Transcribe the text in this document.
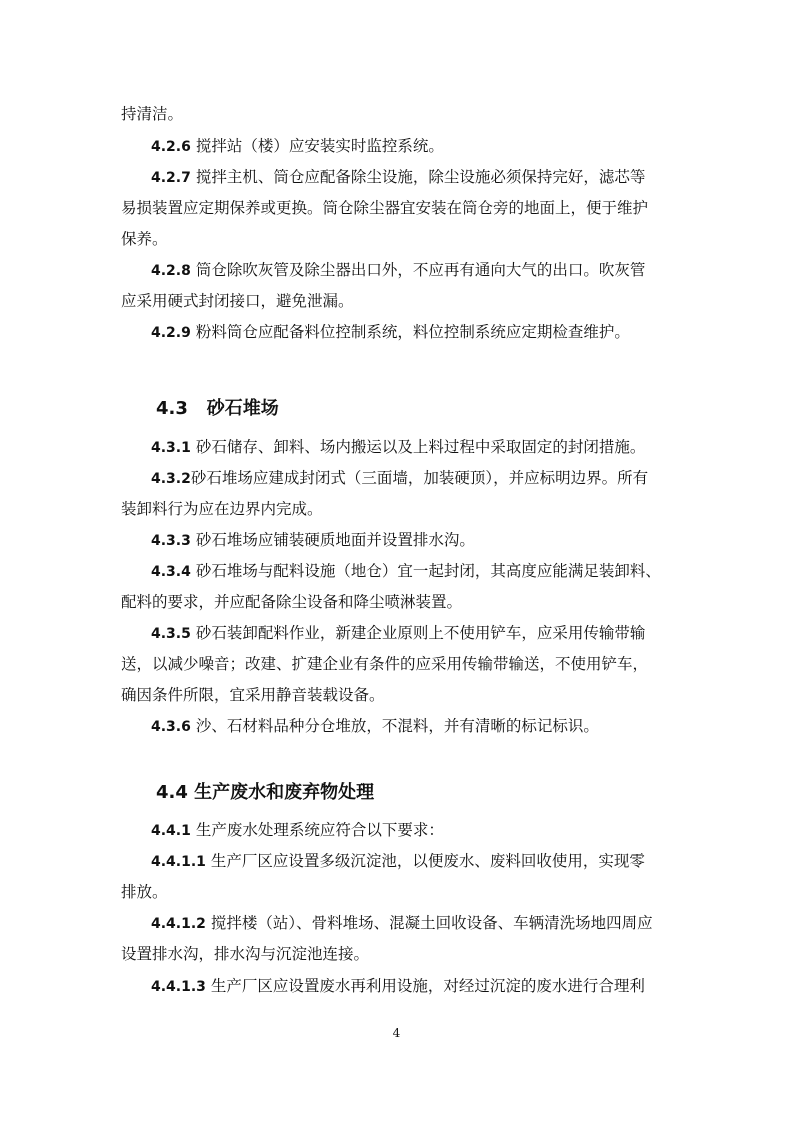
持清洁。
4.2.6 搅拌站（楼）应安装实时监控系统。
4.2.7 搅拌主机、筒仓应配备除尘设施，除尘设施必须保持完好，滤芯等
易损装置应定期保养或更换。筒仓除尘器宜安装在筒仓旁的地面上，便于维护
保养。
4.2.8 筒仓除吹灰管及除尘器出口外，不应再有通向大气的出口。吹灰管
应采用硬式封闭接口，避免泄漏。
4.2.9 粉料筒仓应配备料位控制系统，料位控制系统应定期检查维护。
4.3 砂石堆场
4.3.1 砂石储存、卸料、场内搬运以及上料过程中采取固定的封闭措施。
4.3.2砂石堆场应建成封闭式（三面墙，加装硬顶），并应标明边界。所有
装卸料行为应在边界内完成。
4.3.3 砂石堆场应铺装硬质地面并设置排水沟。
4.3.4 砂石堆场与配料设施（地仓）宜一起封闭，其高度应能满足装卸料、
配料的要求，并应配备除尘设备和降尘喷淋装置。
4.3.5 砂石装卸配料作业，新建企业原则上不使用铲车，应采用传输带输
送，以减少噪音；改建、扩建企业有条件的应采用传输带输送，不使用铲车，
确因条件所限，宜采用静音装载设备。
4.3.6 沙、石材料品种分仓堆放，不混料，并有清晰的标记标识。
4.4 生产废水和废弃物处理
4.4.1 生产废水处理系统应符合以下要求：
4.4.1.1 生产厂区应设置多级沉淀池，以便废水、废料回收使用，实现零
排放。
4.4.1.2 搅拌楼（站）、骨料堆场、混凝土回收设备、车辆清洗场地四周应
设置排水沟，排水沟与沉淀池连接。
4.4.1.3 生产厂区应设置废水再利用设施，对经过沉淀的废水进行合理利
4
